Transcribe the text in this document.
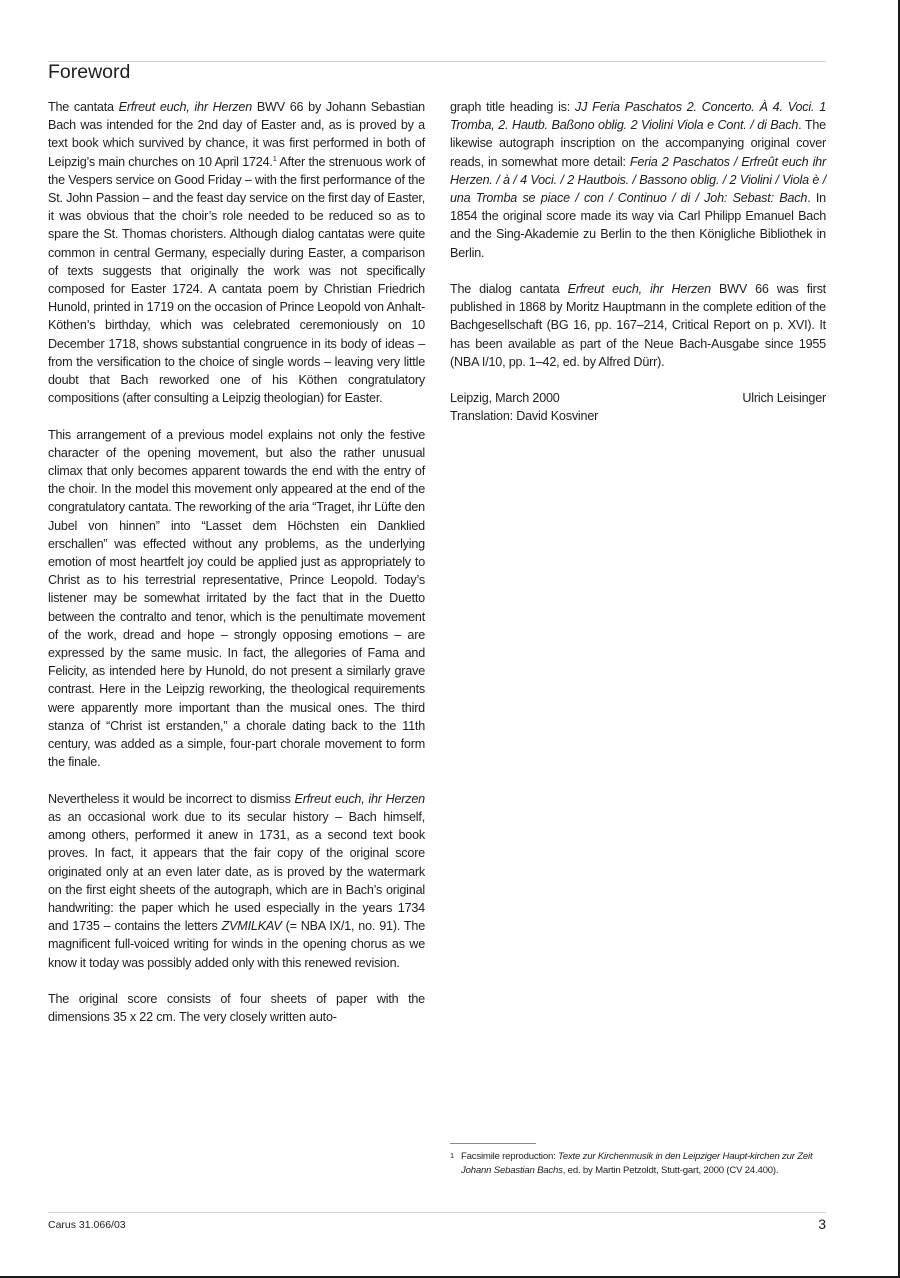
Foreword

The cantata Erfreut euch, ihr Herzen BWV 66 by Johann Sebastian Bach was intended for the 2nd day of Easter and, as is proved by a text book which survived by chance, it was first performed in both of Leipzig’s main churches on 10 April 1724.$^1$ After the strenuous work of the Vespers service on Good Friday – with the first performance of the St. John Passion – and the feast day service on the first day of Easter, it was obvious that the choir’s role needed to be reduced so as to spare the St. Thomas choristers. Although dialog cantatas were quite common in central Germany, especially during Easter, a comparison of texts suggests that originally the work was not specifically composed for Easter 1724. A cantata poem by Christian Friedrich Hunold, printed in 1719 on the occasion of Prince Leopold von Anhalt-Köthen’s birthday, which was celebrated ceremoniously on 10 December 1718, shows substantial congruence in its body of ideas – from the versification to the choice of single words – leaving very little doubt that Bach reworked one of his Köthen congratulatory compositions (after consulting a Leipzig theologian) for Easter.

This arrangement of a previous model explains not only the festive character of the opening movement, but also the rather unusual climax that only becomes apparent towards the end with the entry of the choir. In the model this movement only appeared at the end of the congratulatory cantata. The reworking of the aria “Traget, ihr Lüfte den Jubel von hinnen” into “Lasset dem Höchsten ein Danklied erschallen” was effected without any problems, as the underlying emotion of most heartfelt joy could be applied just as appropriately to Christ as to his terrestrial representative, Prince Leopold. Today’s listener may be somewhat irritated by the fact that in the Duetto between the contralto and tenor, which is the penultimate movement of the work, dread and hope – strongly opposing emotions – are expressed by the same music. In fact, the allegories of Fama and Felicity, as intended here by Hunold, do not present a similarly grave contrast. Here in the Leipzig reworking, the theological requirements were apparently more important than the musical ones. The third stanza of “Christ ist erstanden,” a chorale dating back to the 11th century, was added as a simple, four-part chorale movement to form the finale.

Nevertheless it would be incorrect to dismiss Erfreut euch, ihr Herzen as an occasional work due to its secular history – Bach himself, among others, performed it anew in 1731, as a second text book proves. In fact, it appears that the fair copy of the original score originated only at an even later date, as is proved by the watermark on the first eight sheets of the autograph, which are in Bach’s original handwriting: the paper which he used especially in the years 1734 and 1735 – contains the letters ZVMILKAV (= NBA IX/1, no. 91). The magnificent full-voiced writing for winds in the opening chorus as we know it today was possibly added only with this renewed revision.

The original score consists of four sheets of paper with the dimensions 35 x 22 cm. The very closely written auto-

graph title heading is: JJ Feria Paschatos 2. Concerto. À 4. Voci. 1 Tromba, 2. Hautb. Baßono oblig. 2 Violini Viola e Cont. / di Bach. The likewise autograph inscription on the accompanying original cover reads, in somewhat more detail: Feria 2 Paschatos / Erfreût euch ihr Herzen. / à / 4 Voci. / 2 Hautbois. / Bassono oblig. / 2 Violini / Viola è / una Tromba se piace / con / Continuo / di / Joh: Sebast: Bach. In 1854 the original score made its way via Carl Philipp Emanuel Bach and the Sing-Akademie zu Berlin to the then Königliche Bibliothek in Berlin.

The dialog cantata Erfreut euch, ihr Herzen BWV 66 was first published in 1868 by Moritz Hauptmann in the complete edition of the Bachgesellschaft (BG 16, pp. 167–214, Critical Report on p. XVI). It has been available as part of the Neue Bach-Ausgabe since 1955 (NBA I/10, pp. 1–42, ed. by Alfred Dürr).

Leipzig, March 2000	Ulrich Leisinger
Translation: David Kosviner
1 Facsimile reproduction: Texte zur Kirchenmusik in den Leipziger Haupt-kirchen zur Zeit Johann Sebastian Bachs, ed. by Martin Petzoldt, Stutt-gart, 2000 (CV 24.400).
Carus 31.066/03	3
